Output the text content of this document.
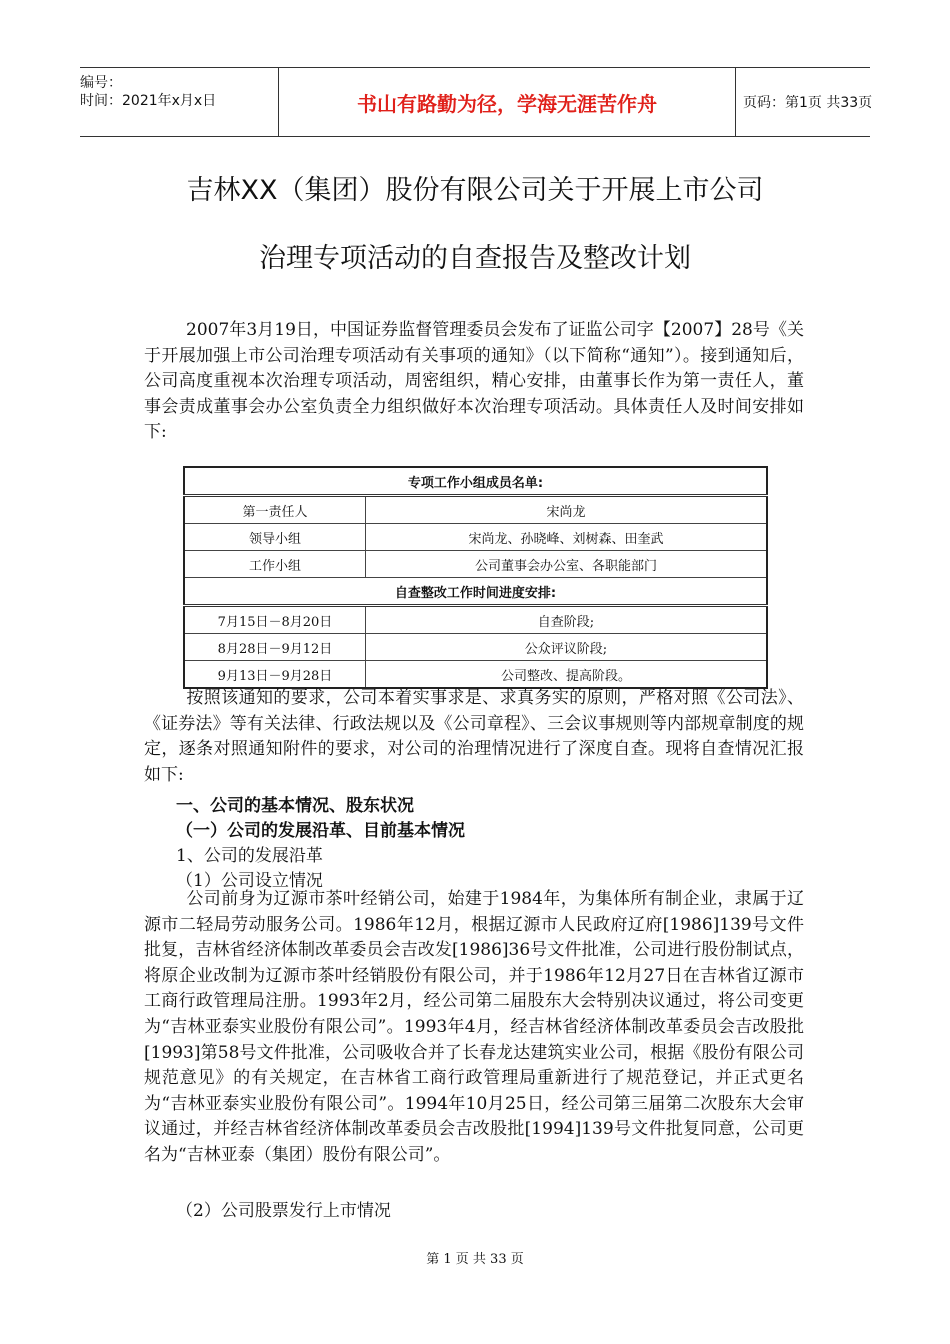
编号：
时间：2021年x月x日	书山有路勤为径，学海无涯苦作舟	页码：第1页 共33页
吉林XX（集团）股份有限公司关于开展上市公司
治理专项活动的自查报告及整改计划
2007年3月19日，中国证券监督管理委员会发布了证监公司字【2007】28号《关于开展加强上市公司治理专项活动有关事项的通知》（以下简称“通知”）。接到通知后，公司高度重视本次治理专项活动，周密组织，精心安排，由董事长作为第一责任人，董事会责成董事会办公室负责全力组织做好本次治理专项活动。具体责任人及时间安排如下:
专项工作小组成员名单:	
第一责任人	宋尚龙
领导小组	宋尚龙、孙晓峰、刘树森、田奎武
工作小组	公司董事会办公室、各职能部门
自查整改工作时间进度安排:	
7月15日－8月20日	自查阶段;
8月28日－9月12日	公众评议阶段;
9月13日－9月28日	公司整改、提高阶段。
按照该通知的要求，公司本着实事求是、求真务实的原则，严格对照《公司法》、《证券法》等有关法律、行政法规以及《公司章程》、三会议事规则等内部规章制度的规定，逐条对照通知附件的要求，对公司的治理情况进行了深度自查。现将自查情况汇报如下:
一、公司的基本情况、股东状况
（一）公司的发展沿革、目前基本情况
1、公司的发展沿革
（1）公司设立情况
公司前身为辽源市茶叶经销公司，始建于1984年，为集体所有制企业，隶属于辽源市二轻局劳动服务公司。1986年12月，根据辽源市人民政府辽府[1986]139号文件批复，吉林省经济体制改革委员会吉改发[1986]36号文件批准，公司进行股份制试点，将原企业改制为辽源市茶叶经销股份有限公司，并于1986年12月27日在吉林省辽源市工商行政管理局注册。1993年2月，经公司第二届股东大会特别决议通过，将公司变更为“吉林亚泰实业股份有限公司”。1993年4月，经吉林省经济体制改革委员会吉改股批[1993]第58号文件批准，公司吸收合并了长春龙达建筑实业公司，根据《股份有限公司规范意见》的有关规定，在吉林省工商行政管理局重新进行了规范登记，并正式更名为“吉林亚泰实业股份有限公司”。1994年10月25日，经公司第三届第二次股东大会审议通过，并经吉林省经济体制改革委员会吉改股批[1994]139号文件批复同意，公司更名为“吉林亚泰（集团）股份有限公司”。
（2）公司股票发行上市情况
第 1 页 共 33 页
